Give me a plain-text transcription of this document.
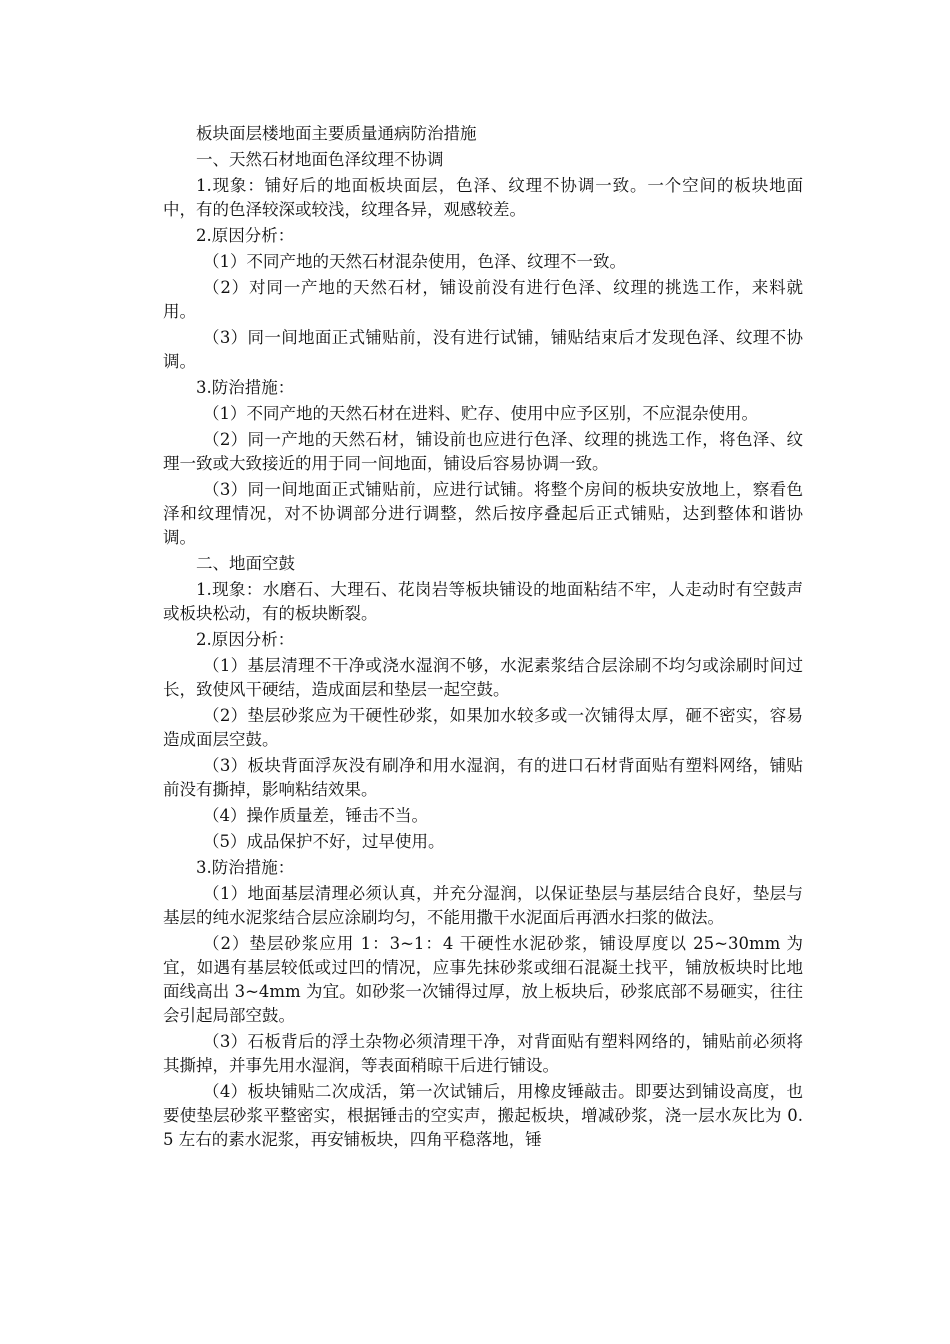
板块面层楼地面主要质量通病防治措施

一、天然石材地面色泽纹理不协调

1.现象：铺好后的地面板块面层，色泽、纹理不协调一致。一个空间的板块地面中，有的色泽较深或较浅，纹理各异，观感较差。

2.原因分析：

（1）不同产地的天然石材混杂使用，色泽、纹理不一致。

（2）对同一产地的天然石材，铺设前没有进行色泽、纹理的挑选工作，来料就用。

（3）同一间地面正式铺贴前，没有进行试铺，铺贴结束后才发现色泽、纹理不协调。

3.防治措施：

（1）不同产地的天然石材在进料、贮存、使用中应予区别，不应混杂使用。

（2）同一产地的天然石材，铺设前也应进行色泽、纹理的挑选工作，将色泽、纹理一致或大致接近的用于同一间地面，铺设后容易协调一致。

（3）同一间地面正式铺贴前，应进行试铺。将整个房间的板块安放地上，察看色泽和纹理情况，对不协调部分进行调整，然后按序叠起后正式铺贴，达到整体和谐协调。

二、地面空鼓

1.现象：水磨石、大理石、花岗岩等板块铺设的地面粘结不牢，人走动时有空鼓声或板块松动，有的板块断裂。

2.原因分析：

（1）基层清理不干净或浇水湿润不够，水泥素浆结合层涂刷不均匀或涂刷时间过长，致使风干硬结，造成面层和垫层一起空鼓。

（2）垫层砂浆应为干硬性砂浆，如果加水较多或一次铺得太厚，砸不密实，容易造成面层空鼓。

（3）板块背面浮灰没有刷净和用水湿润，有的进口石材背面贴有塑料网络，铺贴前没有撕掉，影响粘结效果。

（4）操作质量差，锤击不当。

（5）成品保护不好，过早使用。

3.防治措施：

（1）地面基层清理必须认真，并充分湿润，以保证垫层与基层结合良好，垫层与基层的纯水泥浆结合层应涂刷均匀，不能用撒干水泥面后再洒水扫浆的做法。

（2）垫层砂浆应用 1：3~1：4 干硬性水泥砂浆，铺设厚度以 25~30mm 为宜，如遇有基层较低或过凹的情况，应事先抹砂浆或细石混凝土找平，铺放板块时比地面线高出 3~4mm 为宜。如砂浆一次铺得过厚，放上板块后，砂浆底部不易砸实，往往会引起局部空鼓。

（3）石板背后的浮土杂物必须清理干净，对背面贴有塑料网络的，铺贴前必须将其撕掉，并事先用水湿润，等表面稍晾干后进行铺设。

（4）板块铺贴二次成活，第一次试铺后，用橡皮锤敲击。即要达到铺设高度，也要使垫层砂浆平整密实，根据锤击的空实声，搬起板块，增减砂浆，浇一层水灰比为 0.5 左右的素水泥浆，再安铺板块，四角平稳落地，锤
